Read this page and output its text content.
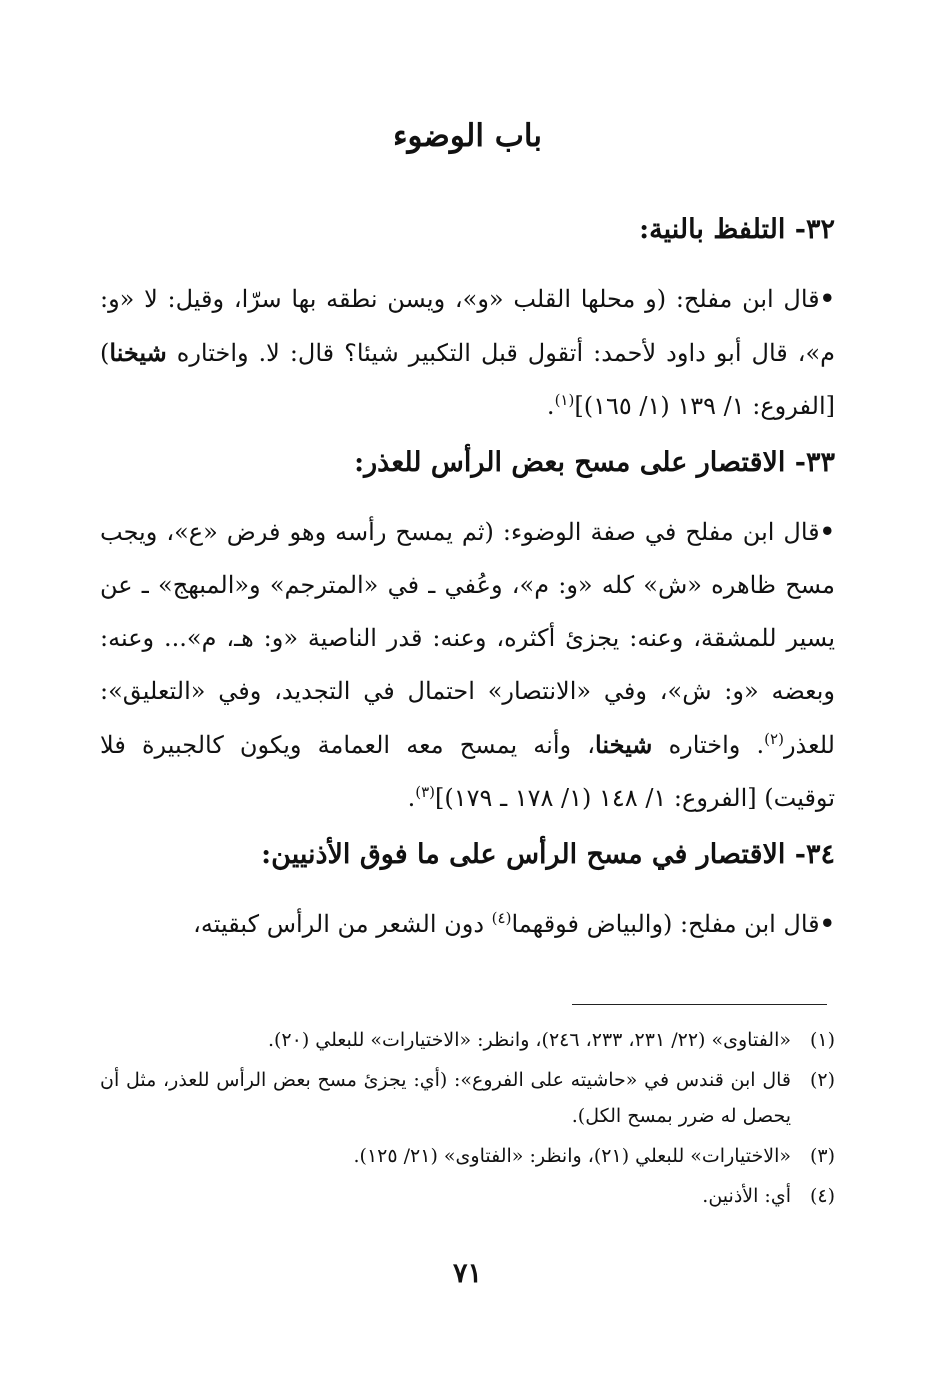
باب الوضوء
٣٢- التلفظ بالنية:

•قال ابن مفلح: (و محلها القلب «و»، ويسن نطقه بها سرّا، وقيل: لا «و: م»، قال أبو داود لأحمد: أتقول قبل التكبير شيئا؟ قال: لا. واختاره شيخنا) [الفروع: ١/ ١٣٩ (١/ ١٦٥)]$^{(١)}$.

٣٣- الاقتصار على مسح بعض الرأس للعذر:

•قال ابن مفلح في صفة الوضوء: (ثم يمسح رأسه وهو فرض «ع»، ويجب مسح ظاهره «ش» كله «و: م»، وعُفي ـ في «المترجم» و«المبهج» ـ عن يسير للمشقة، وعنه: يجزئ أكثره، وعنه: قدر الناصية «و: هـ، م»... وعنه: وبعضه «و: ش»، وفي «الانتصار» احتمال في التجديد، وفي «التعليق»: للعذر$^{(٢)}$. واختاره شيخنا، وأنه يمسح معه العمامة ويكون كالجبيرة فلا توقيت) [الفروع: ١/ ١٤٨ (١/ ١٧٨ ـ ١٧٩)]$^{(٣)}$.

٣٤- الاقتصار في مسح الرأس على ما فوق الأذنيين:

•قال ابن مفلح: (والبياض فوقهما$^{(٤)}$ دون الشعر من الرأس كبقيته،

(١)
«الفتاوى» (٢٢/ ٢٣١، ٢٣٣، ٢٤٦)، وانظر: «الاختيارات» للبعلي (٢٠).
(٢)
قال ابن قندس في «حاشيته على الفروع»: (أي: يجزئ مسح بعض الرأس للعذر، مثل أن يحصل له ضرر بمسح الكل).
(٣)
«الاختيارات» للبعلي (٢١)، وانظر: «الفتاوى» (٢١/ ١٢٥).
(٤)
أي: الأذنين.
٧١
